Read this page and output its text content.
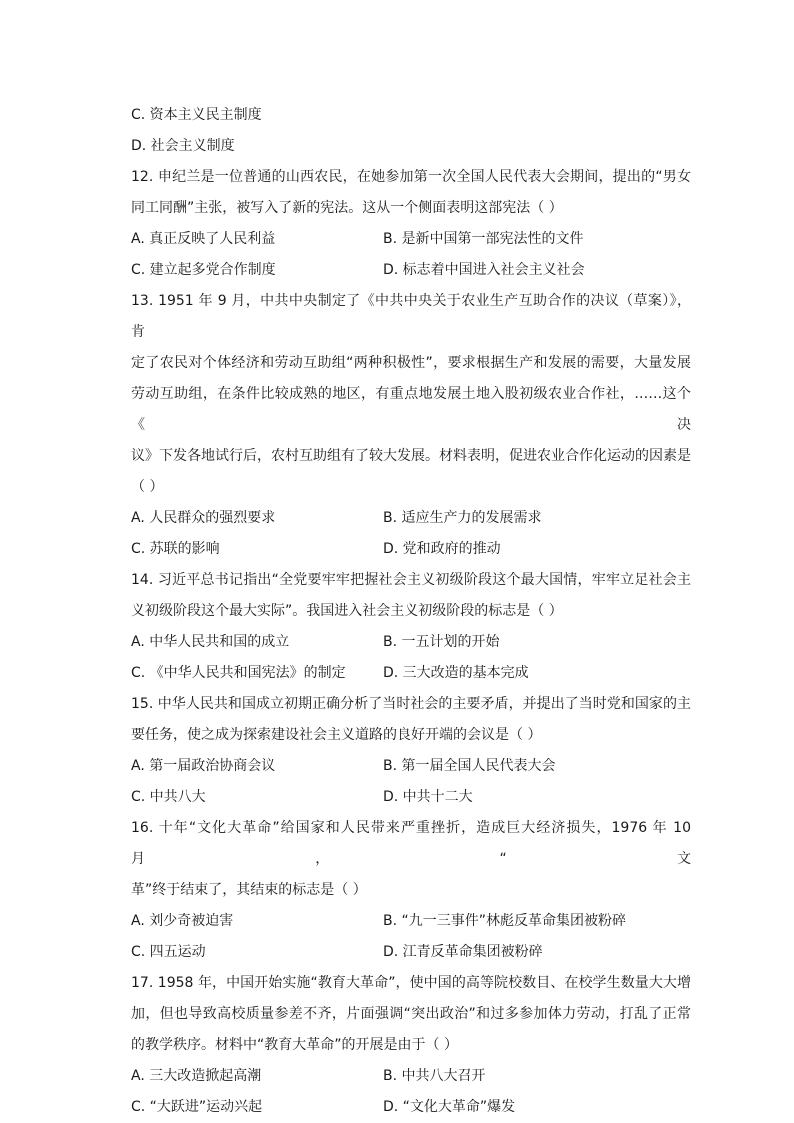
C. 资本主义民主制度
D. 社会主义制度
12. 申纪兰是一位普通的山西农民，在她参加第一次全国人民代表大会期间，提出的“男女
同工同酬”主张，被写入了新的宪法。这从一个侧面表明这部宪法（ ）
A. 真正反映了人民利益	B. 是新中国第一部宪法性的文件
C. 建立起多党合作制度	D. 标志着中国进入社会主义社会
13. 1951 年 9 月，中共中央制定了《中共中央关于农业生产互助合作的决议（草案）》，肯
定了农民对个体经济和劳动互助组“两种积极性”，要求根据生产和发展的需要，大量发展
劳动互助组，在条件比较成熟的地区，有重点地发展土地入股初级农业合作社，……这个《决
议》下发各地试行后，农村互助组有了较大发展。材料表明，促进农业合作化运动的因素是
（ ）
A. 人民群众的强烈要求	B. 适应生产力的发展需求
C. 苏联的影响	D. 党和政府的推动
14. 习近平总书记指出“全党要牢牢把握社会主义初级阶段这个最大国情，牢牢立足社会主
义初级阶段这个最大实际”。我国进入社会主义初级阶段的标志是（ ）
A. 中华人民共和国的成立	B. 一五计划的开始
C. 《中华人民共和国宪法》的制定	D. 三大改造的基本完成
15. 中华人民共和国成立初期正确分析了当时社会的主要矛盾，并提出了当时党和国家的主
要任务，使之成为探索建设社会主义道路的良好开端的会议是（ ）
A. 第一届政治协商会议	B. 第一届全国人民代表大会
C. 中共八大	D. 中共十二大
16. 十年“文化大革命”给国家和人民带来严重挫折，造成巨大经济损失，1976 年 10 月，“文
革”终于结束了，其结束的标志是（ ）
A. 刘少奇被迫害	B. “九一三事件”林彪反革命集团被粉碎
C. 四五运动	D. 江青反革命集团被粉碎
17. 1958 年，中国开始实施“教育大革命”，使中国的高等院校数目、在校学生数量大大增
加，但也导致高校质量参差不齐，片面强调“突出政治”和过多参加体力劳动，打乱了正常
的教学秩序。材料中“教育大革命”的开展是由于（ ）
A. 三大改造掀起高潮	B. 中共八大召开
C. “大跃进”运动兴起	D. “文化大革命”爆发
